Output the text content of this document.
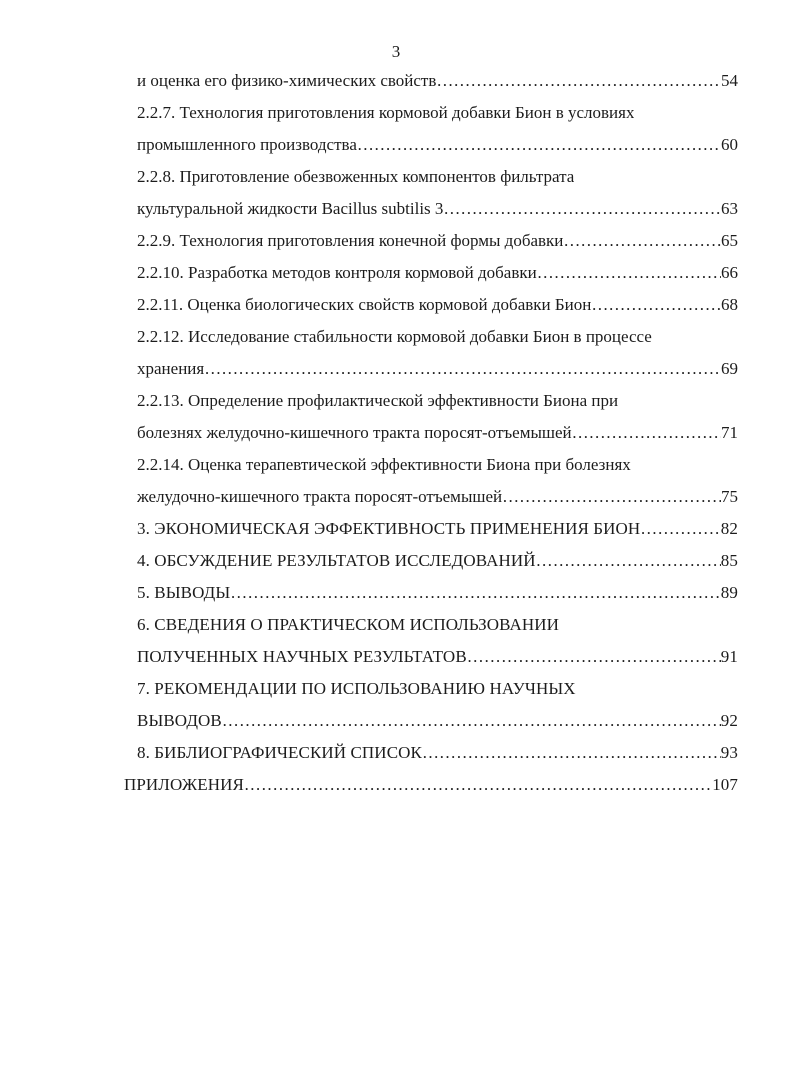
3
и оценка его физико-химических свойств …………………………………………………………………………………………………………………………………………………………………………	54
2.2.7. Технология приготовления кормовой добавки Бион в условиях
промышленного производства …………………………………………………………………………………………………………………………………………………………………………	60
2.2.8. Приготовление обезвоженных компонентов фильтрата
культуральной жидкости Bacillus subtilis 3 …………………………………………………………………………………………………………………………………………………………………………	63
2.2.9. Технология приготовления конечной формы добавки …………………………………………………………………………………………………………………………………………………………………………	65
2.2.10. Разработка методов контроля кормовой добавки …………………………………………………………………………………………………………………………………………………………………………	66
2.2.11. Оценка биологических свойств кормовой добавки Бион …………………………………………………………………………………………………………………………………………………………………………	68
2.2.12. Исследование стабильности кормовой добавки Бион в процессе
хранения …………………………………………………………………………………………………………………………………………………………………………	69
2.2.13. Определение профилактической эффективности Биона при
болезнях желудочно-кишечного тракта поросят-отъемышей …………………………………………………………………………………………………………………………………………………………………………	71
2.2.14. Оценка терапевтической эффективности Биона при болезнях
желудочно-кишечного тракта поросят-отъемышей …………………………………………………………………………………………………………………………………………………………………………	75
3. ЭКОНОМИЧЕСКАЯ ЭФФЕКТИВНОСТЬ ПРИМЕНЕНИЯ БИОН …………………………………………………………………………………………………………………………………………………………………………	82
4. ОБСУЖДЕНИЕ РЕЗУЛЬТАТОВ ИССЛЕДОВАНИЙ …………………………………………………………………………………………………………………………………………………………………………	85
5. ВЫВОДЫ …………………………………………………………………………………………………………………………………………………………………………	89
6. СВЕДЕНИЯ О ПРАКТИЧЕСКОМ ИСПОЛЬЗОВАНИИ
ПОЛУЧЕННЫХ НАУЧНЫХ РЕЗУЛЬТАТОВ …………………………………………………………………………………………………………………………………………………………………………	91
7. РЕКОМЕНДАЦИИ ПО ИСПОЛЬЗОВАНИЮ НАУЧНЫХ
ВЫВОДОВ …………………………………………………………………………………………………………………………………………………………………………	92
8. БИБЛИОГРАФИЧЕСКИЙ СПИСОК …………………………………………………………………………………………………………………………………………………………………………	93
ПРИЛОЖЕНИЯ …………………………………………………………………………………………………………………………………………………………………………	107
